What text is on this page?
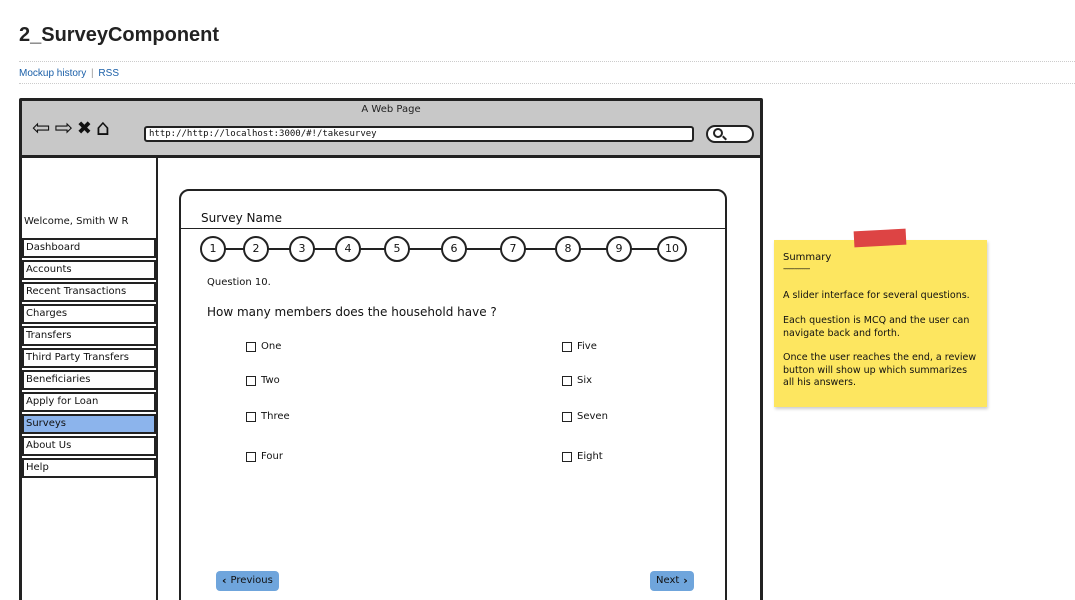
2_SurveyComponent
Mockup history | RSS
A Web Page
⇦ ⇨ ✖ ⌂	http://http://localhost:3000/#!/takesurvey
Welcome, Smith W R
Dashboard
Accounts
Recent Transactions
Charges
Transfers
Third Party Transfers
Beneficiaries
Apply for Loan
Surveys
About Us
Help
Survey Name
1	2	3	4	5	6	7	8	9	10
Question 10.
How many members does the household have ?
One
Two
Three
Four
Five
Six
Seven
Eight
‹ Previous	Next ›
Summary
--------------
A slider interface for several questions.
Each question is MCQ and the user can navigate back and forth.
Once the user reaches the end, a review button will show up which summarizes all his answers.
